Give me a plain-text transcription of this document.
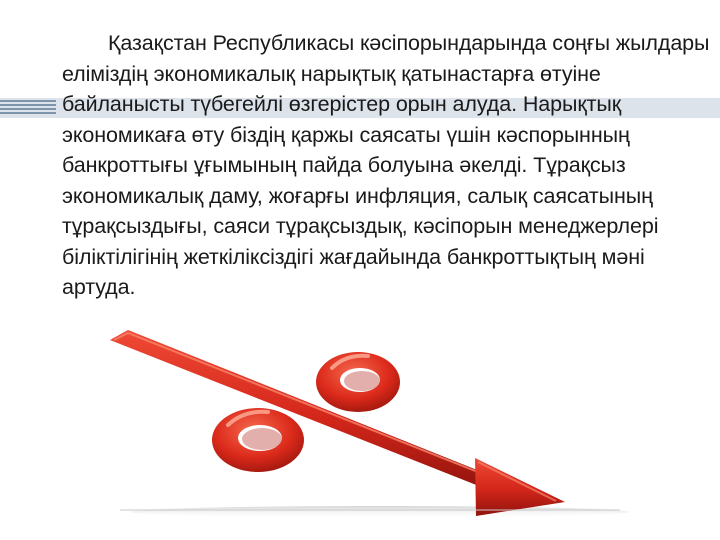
Қазақстан Республикасы кәсіпорындарында соңғы жылдары еліміздің экономикалық нарықтық қатынастарға өтуіне байланысты түбегейлі өзгерістер орын алуда. Нарықтық экономикаға өту біздің қаржы саясаты үшін кәспорынның банкроттығы ұғымының пайда болуына әкелді. Тұрақсыз экономикалық даму, жоғарғы инфляция, салық саясатының тұрақсыздығы, саяси тұрақсыздық, кәсіпорын менеджерлері біліктілігінің жеткіліксіздігі жағдайында банкроттықтың мәні артуда.
